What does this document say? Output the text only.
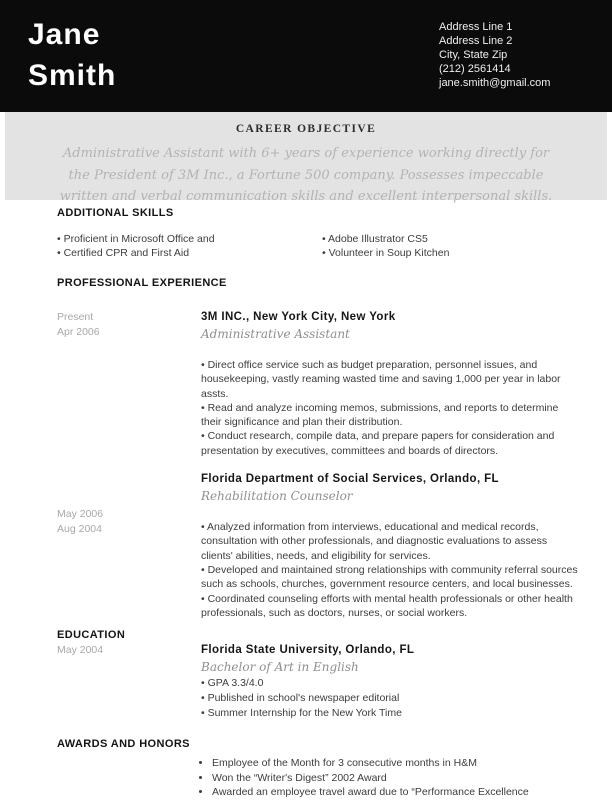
Jane
Smith
Address Line 1
Address Line 2
City, State Zip
(212) 2561414
jane.smith@gmail.com
CAREER OBJECTIVE
Administrative Assistant with 6+ years of experience working directly for the President of 3M Inc., a Fortune 500 company. Possesses impeccable written and verbal communication skills and excellent interpersonal skills.
ADDITIONAL SKILLS
• Proficient in Microsoft Office and
• Certified CPR and First Aid
• Adobe Illustrator CS5
• Volunteer in Soup Kitchen
PROFESSIONAL EXPERIENCE
Present
Apr 2006
3M INC., New York City, New York
Administrative Assistant
• Direct office service such as budget preparation, personnel issues, and housekeeping, vastly reaming wasted time and saving 1,000 per year in labor assts.
• Read and analyze incoming memos, submissions, and reports to determine their significance and plan their distribution.
• Conduct research, compile data, and prepare papers for consideration and presentation by executives, committees and boards of directors.
May 2006
Aug 2004
Florida Department of Social Services, Orlando, FL
Rehabilitation Counselor
• Analyzed information from interviews, educational and medical records, consultation with other professionals, and diagnostic evaluations to assess clients' abilities, needs, and eligibility for services.
• Developed and maintained strong relationships with community referral sources such as schools, churches, government resource centers, and local businesses.
• Coordinated counseling efforts with mental health professionals or other health professionals, such as doctors, nurses, or social workers.
EDUCATION
May 2004	Florida State University, Orlando, FL
Bachelor of Art in English
• GPA 3.3/4.0
• Published in school's newspaper editorial
• Summer Internship for the New York Time
AWARDS AND HONORS
• Employee of the Month for 3 consecutive months in H&M
• Won the “Writer's Digest” 2002 Award
• Awarded an employee travel award due to “Performance Excellence
